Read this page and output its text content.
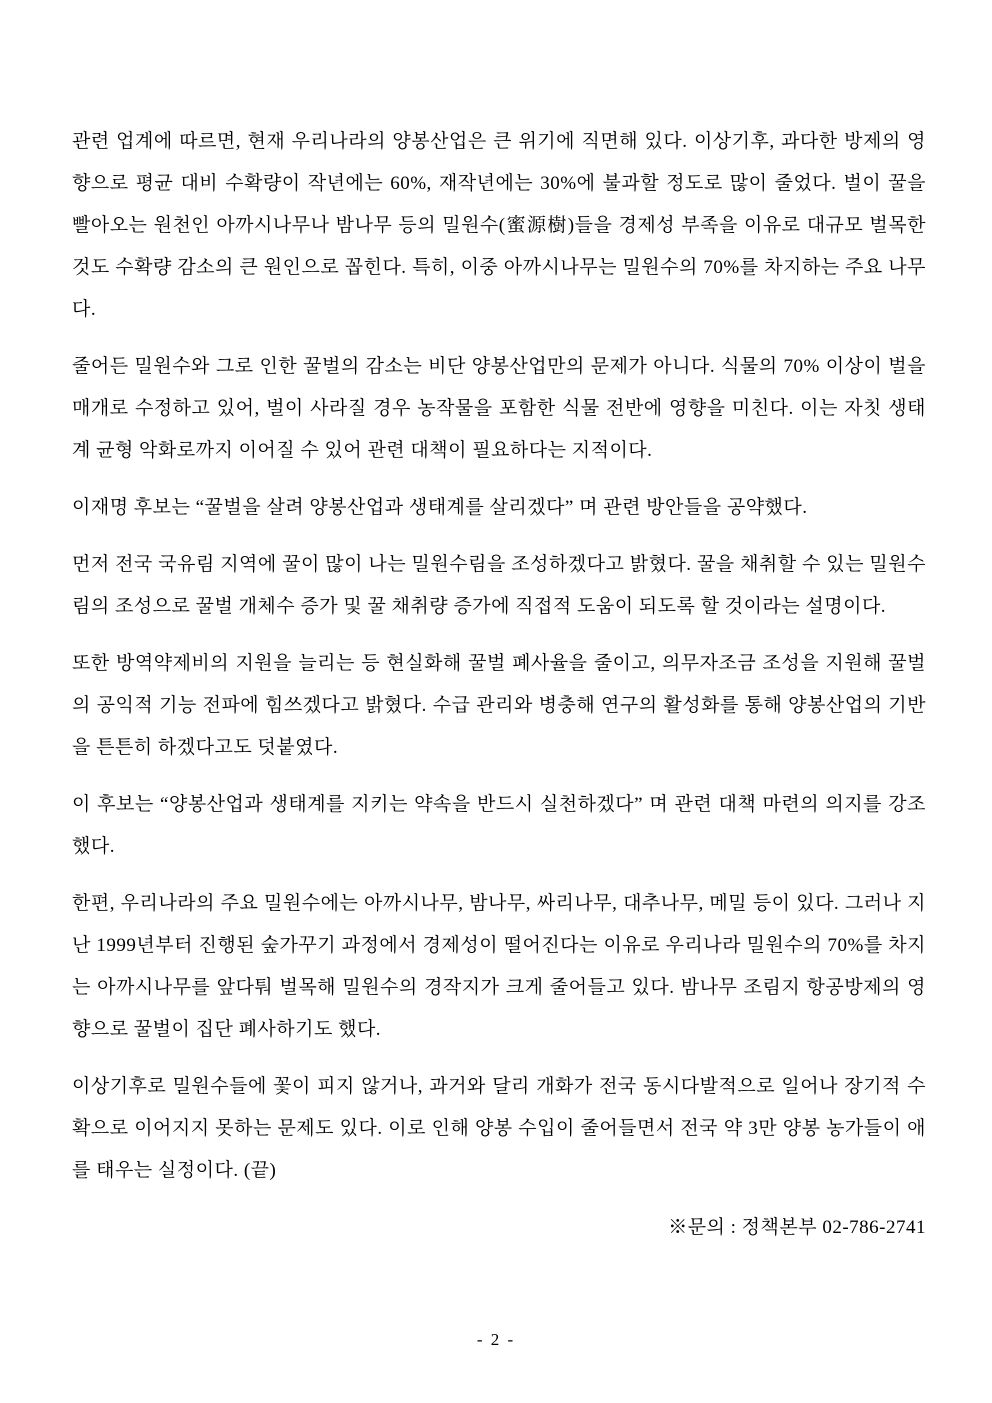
관련 업계에 따르면, 현재 우리나라의 양봉산업은 큰 위기에 직면해 있다. 이상기후, 과다한 방제의 영향으로 평균 대비 수확량이 작년에는 60%, 재작년에는 30%에 불과할 정도로 많이 줄었다. 벌이 꿀을 빨아오는 원천인 아까시나무나 밤나무 등의 밀원수(蜜源樹)들을 경제성 부족을 이유로 대규모 벌목한 것도 수확량 감소의 큰 원인으로 꼽힌다. 특히, 이중 아까시나무는 밀원수의 70%를 차지하는 주요 나무다.

줄어든 밀원수와 그로 인한 꿀벌의 감소는 비단 양봉산업만의 문제가 아니다. 식물의 70% 이상이 벌을 매개로 수정하고 있어, 벌이 사라질 경우 농작물을 포함한 식물 전반에 영향을 미친다. 이는 자칫 생태계 균형 악화로까지 이어질 수 있어 관련 대책이 필요하다는 지적이다.

이재명 후보는 “꿀벌을 살려 양봉산업과 생태계를 살리겠다” 며 관련 방안들을 공약했다.

먼저 전국 국유림 지역에 꿀이 많이 나는 밀원수림을 조성하겠다고 밝혔다. 꿀을 채취할 수 있는 밀원수림의 조성으로 꿀벌 개체수 증가 및 꿀 채취량 증가에 직접적 도움이 되도록 할 것이라는 설명이다.

또한 방역약제비의 지원을 늘리는 등 현실화해 꿀벌 폐사율을 줄이고, 의무자조금 조성을 지원해 꿀벌의 공익적 기능 전파에 힘쓰겠다고 밝혔다. 수급 관리와 병충해 연구의 활성화를 통해 양봉산업의 기반을 튼튼히 하겠다고도 덧붙였다.

이 후보는 “양봉산업과 생태계를 지키는 약속을 반드시 실천하겠다” 며 관련 대책 마련의 의지를 강조했다.

한편, 우리나라의 주요 밀원수에는 아까시나무, 밤나무, 싸리나무, 대추나무, 메밀 등이 있다. 그러나 지난 1999년부터 진행된 숲가꾸기 과정에서 경제성이 떨어진다는 이유로 우리나라 밀원수의 70%를 차지는 아까시나무를 앞다퉈 벌목해 밀원수의 경작지가 크게 줄어들고 있다. 밤나무 조림지 항공방제의 영향으로 꿀벌이 집단 폐사하기도 했다.

이상기후로 밀원수들에 꽃이 피지 않거나, 과거와 달리 개화가 전국 동시다발적으로 일어나 장기적 수확으로 이어지지 못하는 문제도 있다. 이로 인해 양봉 수입이 줄어들면서 전국 약 3만 양봉 농가들이 애를 태우는 실정이다. (끝)

※문의 : 정책본부 02-786-2741

- 2 -
